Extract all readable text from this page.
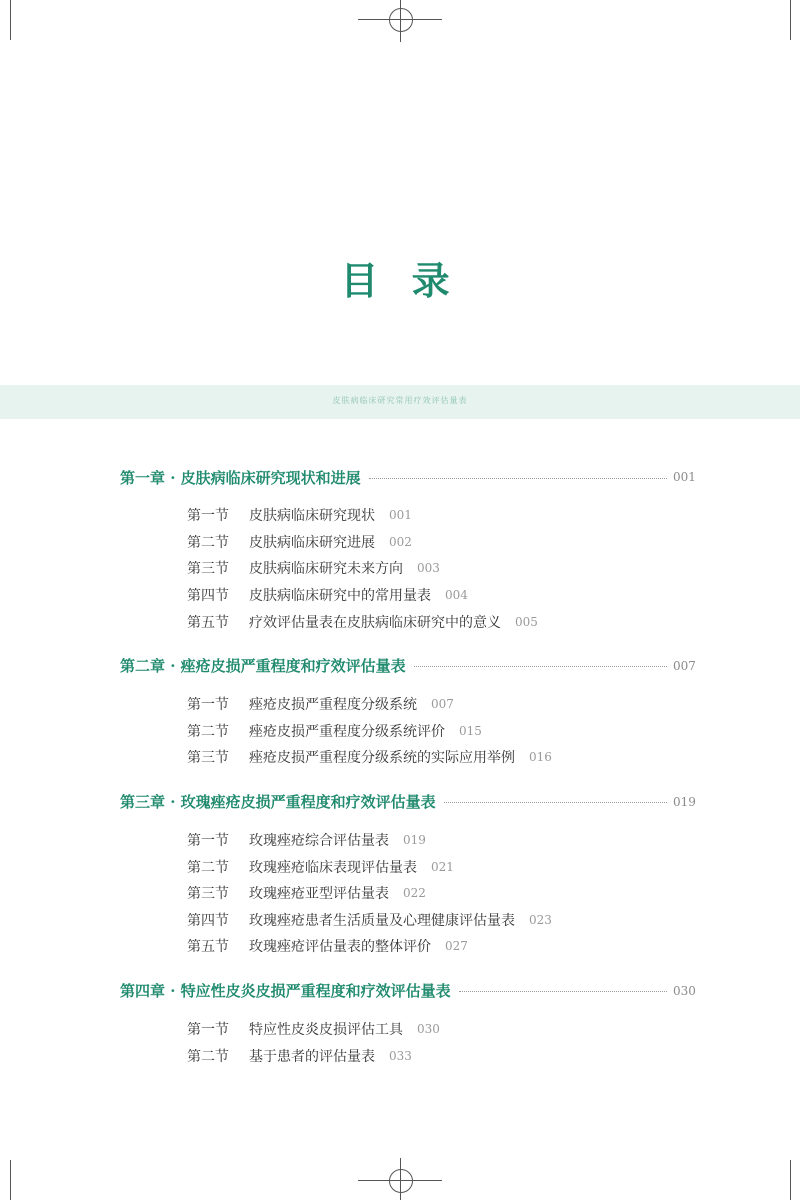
目 录
皮肤病临床研究常用疗效评估量表
第一章 · 皮肤病临床研究现状和进展	001
第一节	皮肤病临床研究现状 001
第二节	皮肤病临床研究进展 002
第三节	皮肤病临床研究未来方向 003
第四节	皮肤病临床研究中的常用量表 004
第五节	疗效评估量表在皮肤病临床研究中的意义 005
第二章 · 痤疮皮损严重程度和疗效评估量表	007
第一节	痤疮皮损严重程度分级系统 007
第二节	痤疮皮损严重程度分级系统评价 015
第三节	痤疮皮损严重程度分级系统的实际应用举例 016
第三章 · 玫瑰痤疮皮损严重程度和疗效评估量表	019
第一节	玫瑰痤疮综合评估量表 019
第二节	玫瑰痤疮临床表现评估量表 021
第三节	玫瑰痤疮亚型评估量表 022
第四节	玫瑰痤疮患者生活质量及心理健康评估量表 023
第五节	玫瑰痤疮评估量表的整体评价 027
第四章 · 特应性皮炎皮损严重程度和疗效评估量表	030
第一节	特应性皮炎皮损评估工具 030
第二节	基于患者的评估量表 033
